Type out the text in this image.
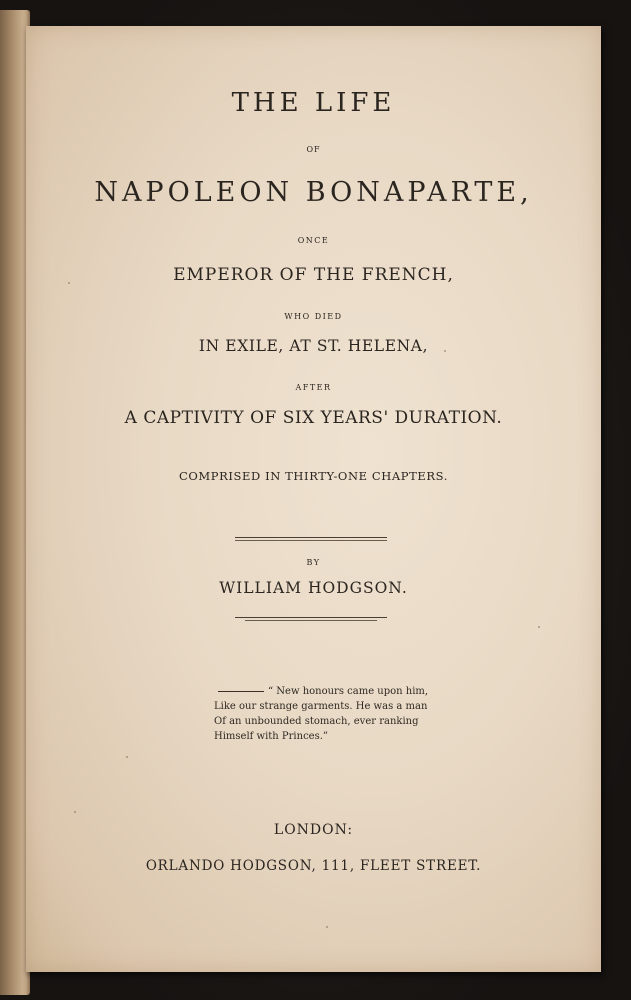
THE LIFE

OF

NAPOLEON BONAPARTE,

ONCE

EMPEROR OF THE FRENCH,

WHO DIED

IN EXILE, AT ST. HELENA,

AFTER

A CAPTIVITY OF SIX YEARS' DURATION.

COMPRISED IN THIRTY-ONE CHAPTERS.

BY

WILLIAM HODGSON.

“ New honours came upon him,
Like our strange garments. He was a man
Of an unbounded stomach, ever ranking
Himself with Princes.”

LONDON:

ORLANDO HODGSON, 111, FLEET STREET.
